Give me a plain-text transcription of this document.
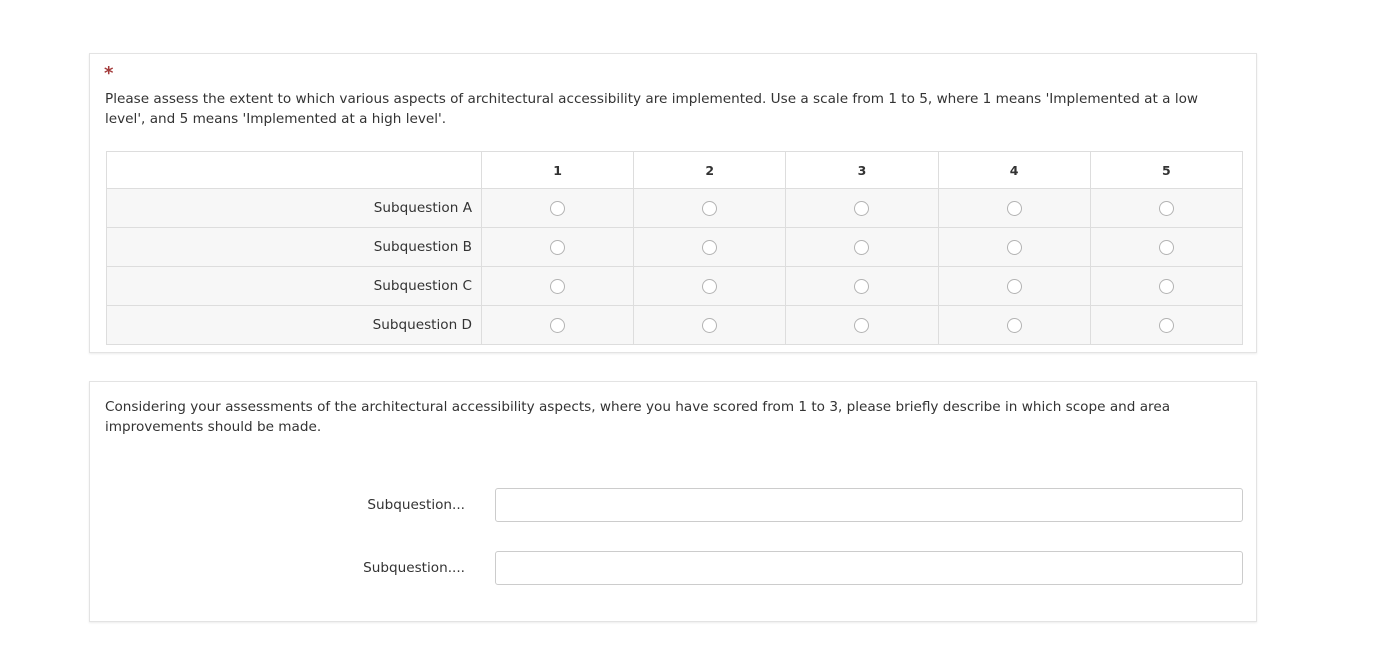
*
Please assess the extent to which various aspects of architectural accessibility are implemented. Use a scale from 1 to 5, where 1 means 'Implemented at a low level', and 5 means 'Implemented at a high level'.
	1	2	3	4	5
Subquestion A					
Subquestion B					
Subquestion C					
Subquestion D					
Considering your assessments of the architectural accessibility aspects, where you have scored from 1 to 3, please briefly describe in which scope and area improvements should be made.
Subquestion...
Subquestion....
